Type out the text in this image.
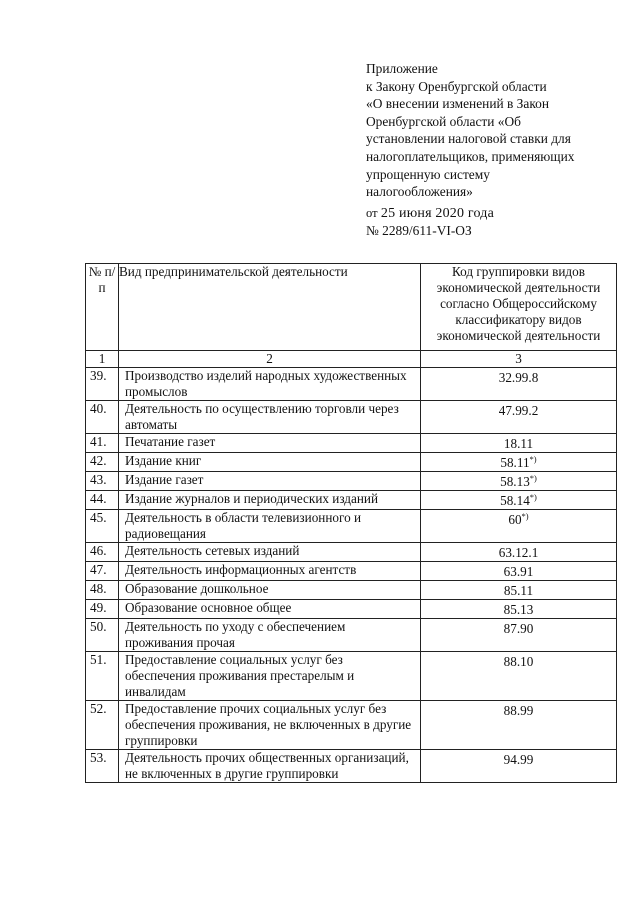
Приложение
к Закону Оренбургской области
«О внесении изменений в Закон
Оренбургской области «Об
установлении налоговой ставки для
налогоплательщиков, применяющих
упрощенную систему
налогообложения»
от 25 июня 2020 года
№ 2289/611-VI-ОЗ
№ п/п	Вид предпринимательской деятельности	Код группировки видов экономической деятельности согласно Общероссийскому классификатору видов экономической деятельности
1	2	3
39.	Производство изделий народных художественных промыслов	32.99.8
40.	Деятельность по осуществлению торговли через автоматы	47.99.2
41.	Печатание газет	18.11
42.	Издание книг	58.11*)
43.	Издание газет	58.13*)
44.	Издание журналов и периодических изданий	58.14*)
45.	Деятельность в области телевизионного и радиовещания	60*)
46.	Деятельность сетевых изданий	63.12.1
47.	Деятельность информационных агентств	63.91
48.	Образование дошкольное	85.11
49.	Образование основное общее	85.13
50.	Деятельность по уходу с обеспечением проживания прочая	87.90
51.	Предоставление социальных услуг без обеспечения проживания престарелым и инвалидам	88.10
52.	Предоставление прочих социальных услуг без обеспечения проживания, не включенных в другие группировки	88.99
53.	Деятельность прочих общественных организаций, не включенных в другие группировки	94.99
